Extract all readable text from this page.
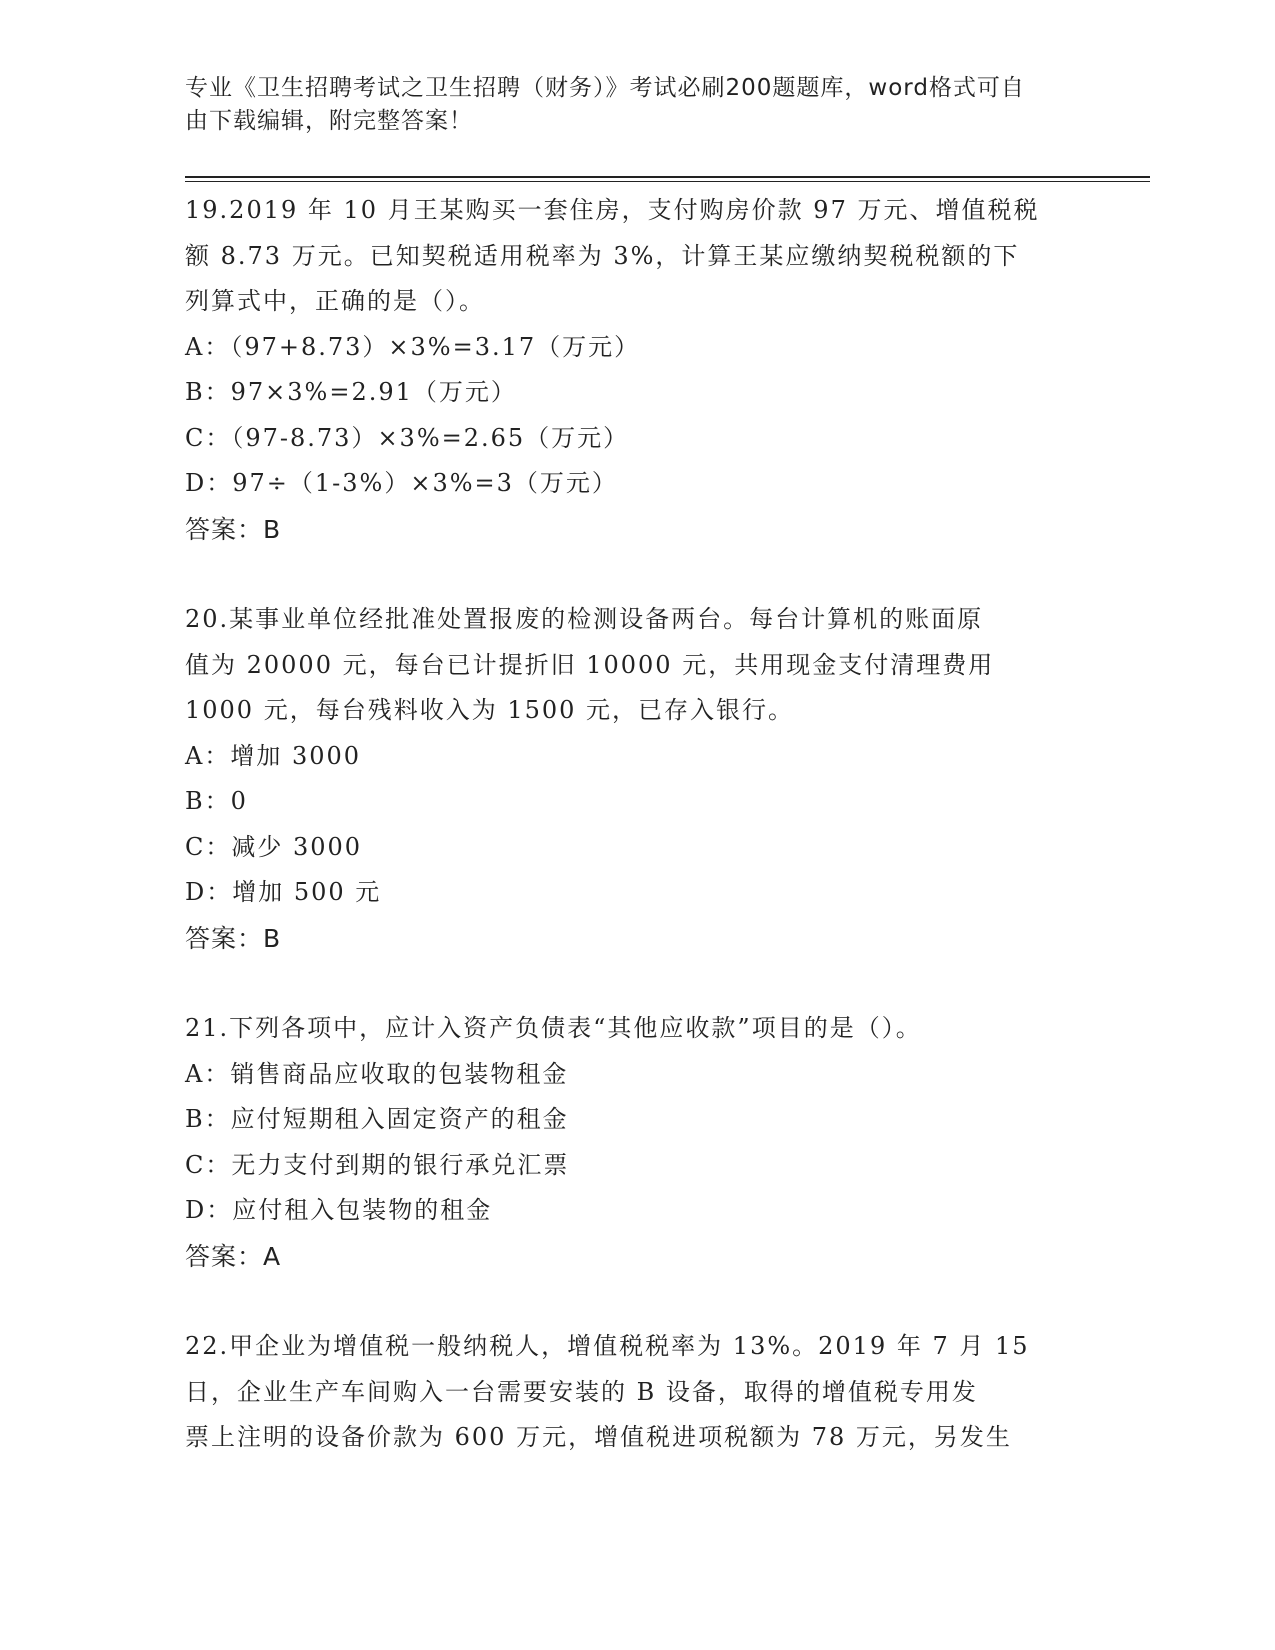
专业《卫生招聘考试之卫生招聘（财务）》考试必刷200题题库，word格式可自
由下载编辑，附完整答案！

19.2019 年 10 月王某购买一套住房，支付购房价款 97 万元、增值税税

额 8.73 万元。已知契税适用税率为 3%，计算王某应缴纳契税税额的下

列算式中，正确的是（）。

A：（97+8.73）×3%=3.17（万元）

B：97×3%=2.91（万元）

C：（97-8.73）×3%=2.65（万元）

D：97÷（1-3%）×3%=3（万元）

答案：B

20.某事业单位经批准处置报废的检测设备两台。每台计算机的账面原

值为 20000 元，每台已计提折旧 10000 元，共用现金支付清理费用

1000 元，每台残料收入为 1500 元，已存入银行。

A：增加 3000

B：0

C：减少 3000

D：增加 500 元

答案：B

21.下列各项中，应计入资产负债表“其他应收款”项目的是（）。

A：销售商品应收取的包装物租金

B：应付短期租入固定资产的租金

C：无力支付到期的银行承兑汇票

D：应付租入包装物的租金

答案：A

22.甲企业为增值税一般纳税人，增值税税率为 13%。2019 年 7 月 15

日，企业生产车间购入一台需要安装的 B 设备，取得的增值税专用发

票上注明的设备价款为 600 万元，增值税进项税额为 78 万元，另发生
